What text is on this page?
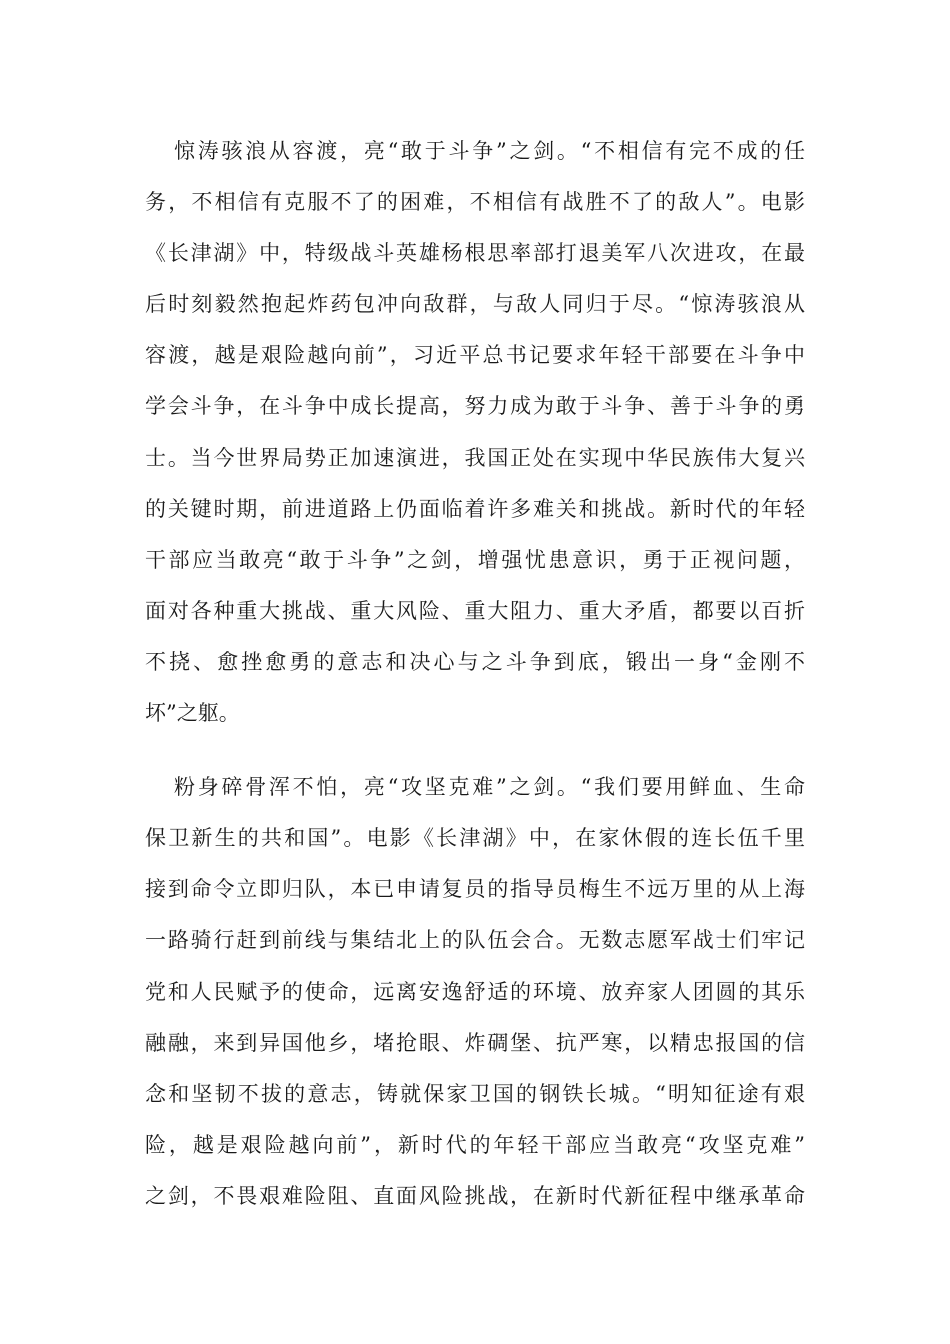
惊涛骇浪从容渡，亮“敢于斗争”之剑。“不相信有完不成的任
务，不相信有克服不了的困难，不相信有战胜不了的敌人”。电影
《长津湖》中，特级战斗英雄杨根思率部打退美军八次进攻，在最
后时刻毅然抱起炸药包冲向敌群，与敌人同归于尽。“惊涛骇浪从
容渡，越是艰险越向前”，习近平总书记要求年轻干部要在斗争中
学会斗争，在斗争中成长提高，努力成为敢于斗争、善于斗争的勇
士。当今世界局势正加速演进，我国正处在实现中华民族伟大复兴
的关键时期，前进道路上仍面临着许多难关和挑战。新时代的年轻
干部应当敢亮“敢于斗争”之剑，增强忧患意识，勇于正视问题，
面对各种重大挑战、重大风险、重大阻力、重大矛盾，都要以百折
不挠、愈挫愈勇的意志和决心与之斗争到底，锻出一身“金刚不
坏”之躯。

粉身碎骨浑不怕，亮“攻坚克难”之剑。“我们要用鲜血、生命
保卫新生的共和国”。电影《长津湖》中，在家休假的连长伍千里
接到命令立即归队，本已申请复员的指导员梅生不远万里的从上海
一路骑行赶到前线与集结北上的队伍会合。无数志愿军战士们牢记
党和人民赋予的使命，远离安逸舒适的环境、放弃家人团圆的其乐
融融，来到异国他乡，堵抢眼、炸碉堡、抗严寒，以精忠报国的信
念和坚韧不拔的意志，铸就保家卫国的钢铁长城。“明知征途有艰
险，越是艰险越向前”，新时代的年轻干部应当敢亮“攻坚克难”
之剑，不畏艰难险阻、直面风险挑战，在新时代新征程中继承革命
